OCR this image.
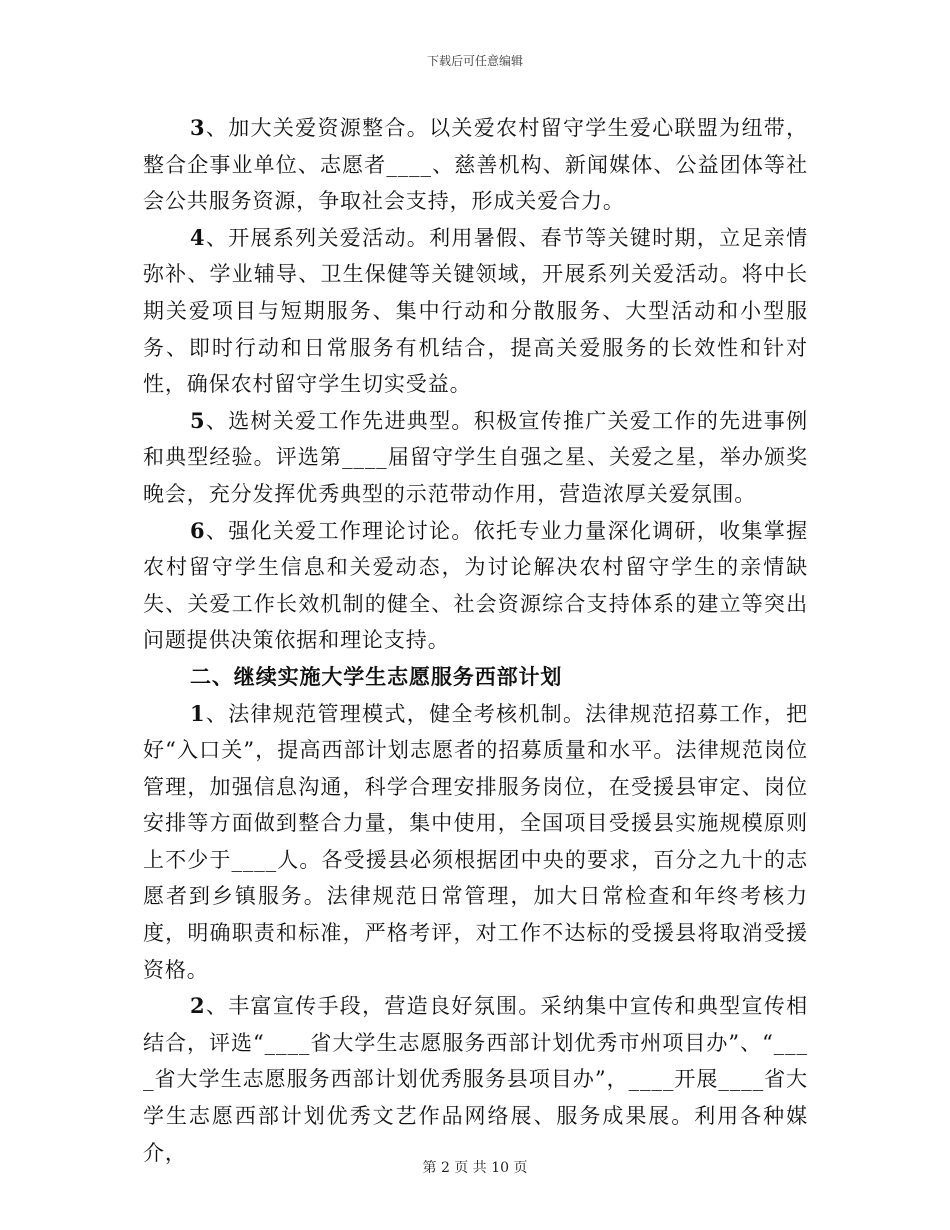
下载后可任意编辑

3、加大关爱资源整合。以关爱农村留守学生爱心联盟为纽带，整合企事业单位、志愿者____、慈善机构、新闻媒体、公益团体等社会公共服务资源，争取社会支持，形成关爱合力。

4、开展系列关爱活动。利用暑假、春节等关键时期，立足亲情弥补、学业辅导、卫生保健等关键领域，开展系列关爱活动。将中长期关爱项目与短期服务、集中行动和分散服务、大型活动和小型服务、即时行动和日常服务有机结合，提高关爱服务的长效性和针对性，确保农村留守学生切实受益。

5、选树关爱工作先进典型。积极宣传推广关爱工作的先进事例和典型经验。评选第____届留守学生自强之星、关爱之星，举办颁奖晚会，充分发挥优秀典型的示范带动作用，营造浓厚关爱氛围。

6、强化关爱工作理论讨论。依托专业力量深化调研，收集掌握农村留守学生信息和关爱动态，为讨论解决农村留守学生的亲情缺失、关爱工作长效机制的健全、社会资源综合支持体系的建立等突出问题提供决策依据和理论支持。

二、继续实施大学生志愿服务西部计划

1、法律规范管理模式，健全考核机制。法律规范招募工作，把好“入口关”，提高西部计划志愿者的招募质量和水平。法律规范岗位管理，加强信息沟通，科学合理安排服务岗位，在受援县审定、岗位安排等方面做到整合力量，集中使用，全国项目受援县实施规模原则上不少于____人。各受援县必须根据团中央的要求，百分之九十的志愿者到乡镇服务。法律规范日常管理，加大日常检查和年终考核力度，明确职责和标准，严格考评，对工作不达标的受援县将取消受援资格。

2、丰富宣传手段，营造良好氛围。采纳集中宣传和典型宣传相结合，评选“____省大学生志愿服务西部计划优秀市州项目办”、“____省大学生志愿服务西部计划优秀服务县项目办”，____开展____省大学生志愿西部计划优秀文艺作品网络展、服务成果展。利用各种媒介，

第 2 页 共 10 页
